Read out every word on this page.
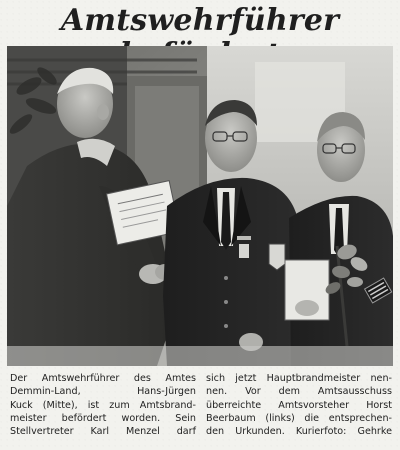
Amtswehrführer
Der Amtswehrführer des Amtes
Demmin-Land, Hans-Jürgen
Kuck (Mitte), ist zum Amtsbrand-
meister befördert worden. Sein
Stellvertreter Karl Menzel darf
sich jetzt Hauptbrandmeister nen-
nen. Vor dem Amtsausschuss
überreichte Amtsvorsteher Horst
Beerbaum (links) die entsprechen-
den Urkunden. Kurierfoto: Gehrke
